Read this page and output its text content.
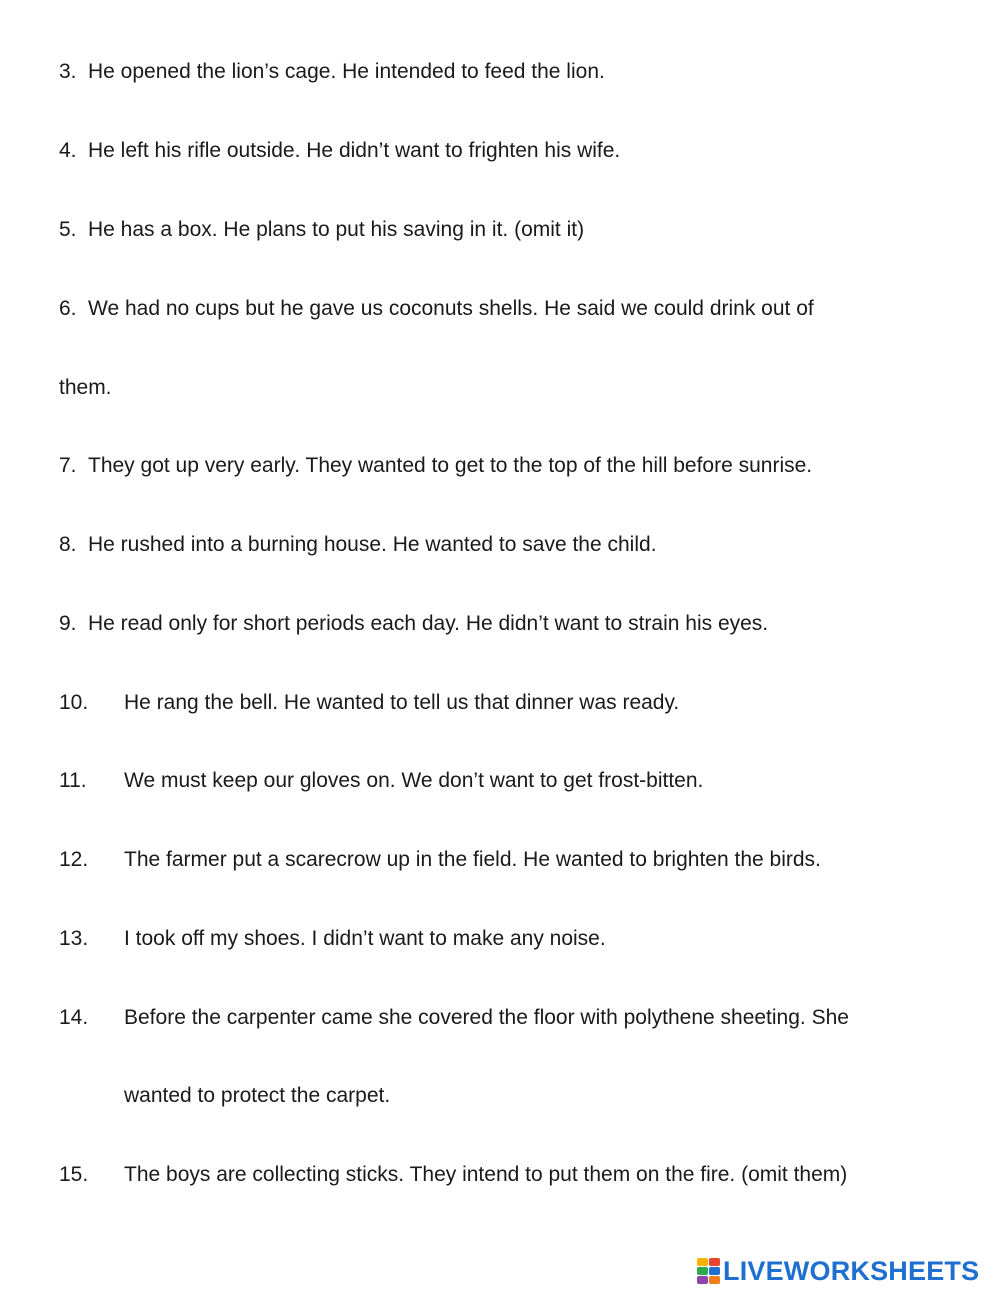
3. He opened the lion’s cage. He intended to feed the lion.
4. He left his rifle outside. He didn’t want to frighten his wife.
5. He has a box. He plans to put his saving in it. (omit it)
6. We had no cups but he gave us coconuts shells. He said we could drink out of
them.
7. They got up very early. They wanted to get to the top of the hill before sunrise.
8. He rushed into a burning house. He wanted to save the child.
9. He read only for short periods each day. He didn’t want to strain his eyes.
10. He rang the bell. He wanted to tell us that dinner was ready.
11. We must keep our gloves on. We don’t want to get frost-bitten.
12. The farmer put a scarecrow up in the field. He wanted to brighten the birds.
13. I took off my shoes. I didn’t want to make any noise.
14. Before the carpenter came she covered the floor with polythene sheeting. She
wanted to protect the carpet.
15. The boys are collecting sticks. They intend to put them on the fire. (omit them)
LIVEWORKSHEETS
